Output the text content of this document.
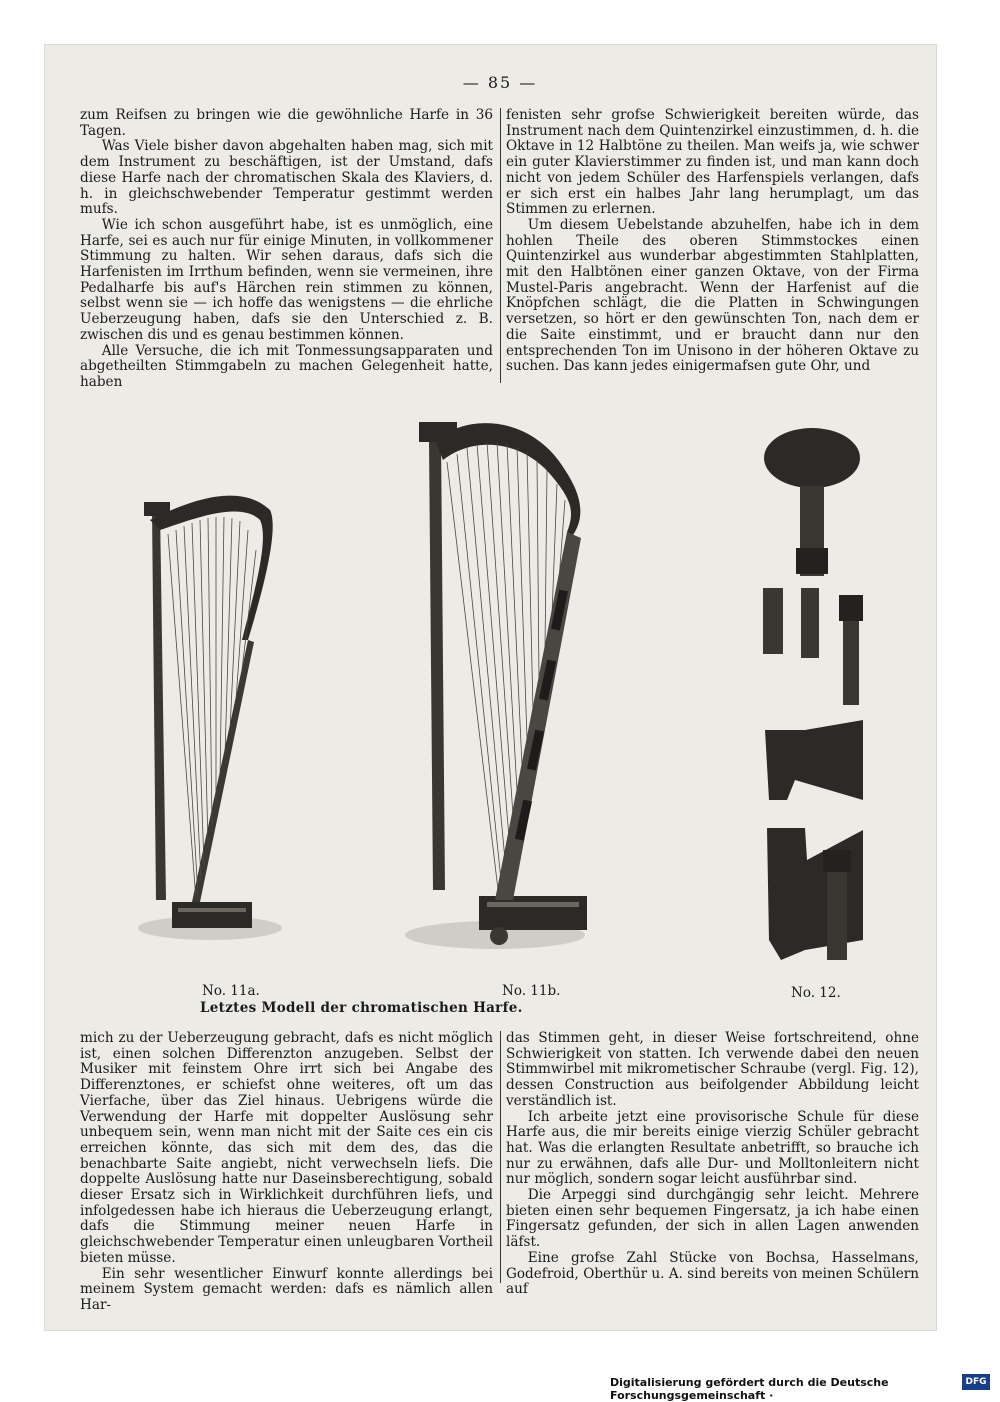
— 85 —

zum Reifsen zu bringen wie die gewöhnliche Harfe in 36 Tagen.

Was Viele bisher davon abgehalten haben mag, sich mit dem Instrument zu beschäftigen, ist der Umstand, dafs diese Harfe nach der chromatischen Skala des Klaviers, d. h. in gleichschwebender Temperatur gestimmt werden mufs.

Wie ich schon ausgeführt habe, ist es unmöglich, eine Harfe, sei es auch nur für einige Minuten, in vollkommener Stimmung zu halten. Wir sehen daraus, dafs sich die Harfenisten im Irrthum befinden, wenn sie vermeinen, ihre Pedalharfe bis auf's Härchen rein stimmen zu können, selbst wenn sie — ich hoffe das wenigstens — die ehrliche Ueberzeugung haben, dafs sie den Unterschied z. B. zwischen dis und es genau bestimmen können.

Alle Versuche, die ich mit Tonmessungsapparaten und abgetheilten Stimmgabeln zu machen Gelegenheit hatte, haben

fenisten sehr grofse Schwierigkeit bereiten würde, das Instrument nach dem Quintenzirkel einzustimmen, d. h. die Oktave in 12 Halbtöne zu theilen. Man weifs ja, wie schwer ein guter Klavierstimmer zu finden ist, und man kann doch nicht von jedem Schüler des Harfenspiels verlangen, dafs er sich erst ein halbes Jahr lang herumplagt, um das Stimmen zu erlernen.

Um diesem Uebelstande abzuhelfen, habe ich in dem hohlen Theile des oberen Stimmstockes einen Quintenzirkel aus wunderbar abgestimmten Stahlplatten, mit den Halbtönen einer ganzen Oktave, von der Firma Mustel-Paris angebracht. Wenn der Harfenist auf die Knöpfchen schlägt, die die Platten in Schwingungen versetzen, so hört er den gewünschten Ton, nach dem er die Saite einstimmt, und er braucht dann nur den entsprechenden Ton im Unisono in der höheren Oktave zu suchen. Das kann jedes einigermafsen gute Ohr, und

No. 11a.	No. 11b.	No. 12.
Letztes Modell der chromatischen Harfe.

mich zu der Ueberzeugung gebracht, dafs es nicht möglich ist, einen solchen Differenzton anzugeben. Selbst der Musiker mit feinstem Ohre irrt sich bei Angabe des Differenztones, er schiefst ohne weiteres, oft um das Vierfache, über das Ziel hinaus. Uebrigens würde die Verwendung der Harfe mit doppelter Auslösung sehr unbequem sein, wenn man nicht mit der Saite ces ein cis erreichen könnte, das sich mit dem des, das die benachbarte Saite angiebt, nicht verwechseln liefs. Die doppelte Auslösung hatte nur Daseinsberechtigung, sobald dieser Ersatz sich in Wirklichkeit durchführen liefs, und infolgedessen habe ich hieraus die Ueberzeugung erlangt, dafs die Stimmung meiner neuen Harfe in gleichschwebender Temperatur einen unleugbaren Vortheil bieten müsse.

Ein sehr wesentlicher Einwurf konnte allerdings bei meinem System gemacht werden: dafs es nämlich allen Har-

das Stimmen geht, in dieser Weise fortschreitend, ohne Schwierigkeit von statten. Ich verwende dabei den neuen Stimmwirbel mit mikrometischer Schraube (vergl. Fig. 12), dessen Construction aus beifolgender Abbildung leicht verständlich ist.

Ich arbeite jetzt eine provisorische Schule für diese Harfe aus, die mir bereits einige vierzig Schüler gebracht hat. Was die erlangten Resultate anbetrifft, so brauche ich nur zu erwähnen, dafs alle Dur- und Molltonleitern nicht nur möglich, sondern sogar leicht ausführbar sind.

Die Arpeggi sind durchgängig sehr leicht. Mehrere bieten einen sehr bequemen Fingersatz, ja ich habe einen Fingersatz gefunden, der sich in allen Lagen anwenden läfst.

Eine grofse Zahl Stücke von Bochsa, Hasselmans, Godefroid, Oberthür u. A. sind bereits von meinen Schülern auf

Digitalisierung gefördert durch die Deutsche Forschungsgemeinschaft ·
DFG
